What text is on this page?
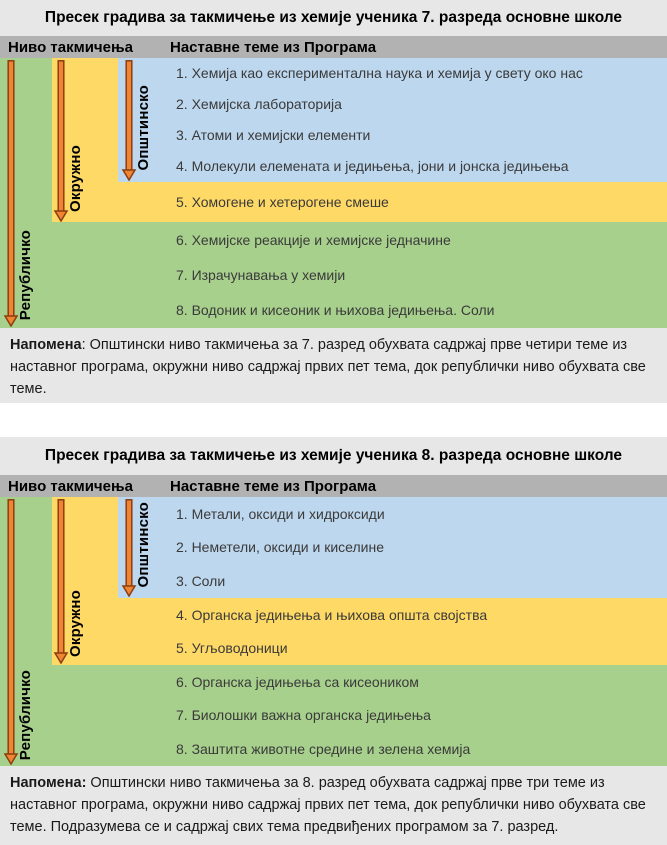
Пресек градива за такмичење из хемије ученика 7. разреда основне школе
Ниво такмичења	Наставне теме из Програма
Општинско
Окружно
Републичко
1. Хемија као експериментална наука и хемија у свету око нас
2. Хемијска лабораторија
3. Атоми и хемијски елементи
4. Молекули елемената и једињења, јони и јонска једињења
5. Хомогене и хетерогене смеше
6. Хемијске реакције и хемијске једначине
7. Израчунавања у хемији
8. Водоник и кисеоник и њихова једињења. Соли
Напомена: Општински ниво такмичења за 7. разред обухвата садржај прве четири теме из наставног програма, окружни ниво садржај првих пет тема, док републички ниво обухвата све теме.
Пресек градива за такмичење из хемије ученика 8. разреда основне школе
Ниво такмичења	Наставне теме из Програма
Општинско
Окружно
Републичко
1. Метали, оксиди и хидроксиди
2. Неметели, оксиди и киселине
3. Соли
4. Органска једињења и њихова општа својства
5. Угљоводоници
6. Органска једињења са кисеоником
7. Биолошки важна органска једињења
8. Заштита животне средине и зелена хемија
Напомена: Општински ниво такмичења за 8. разред обухвата садржај прве три теме из наставног програма, окружни ниво садржај првих пет тема, док републички ниво обухвата све теме. Подразумева се и садржај свих тема предвиђених програмом за 7. разред.
